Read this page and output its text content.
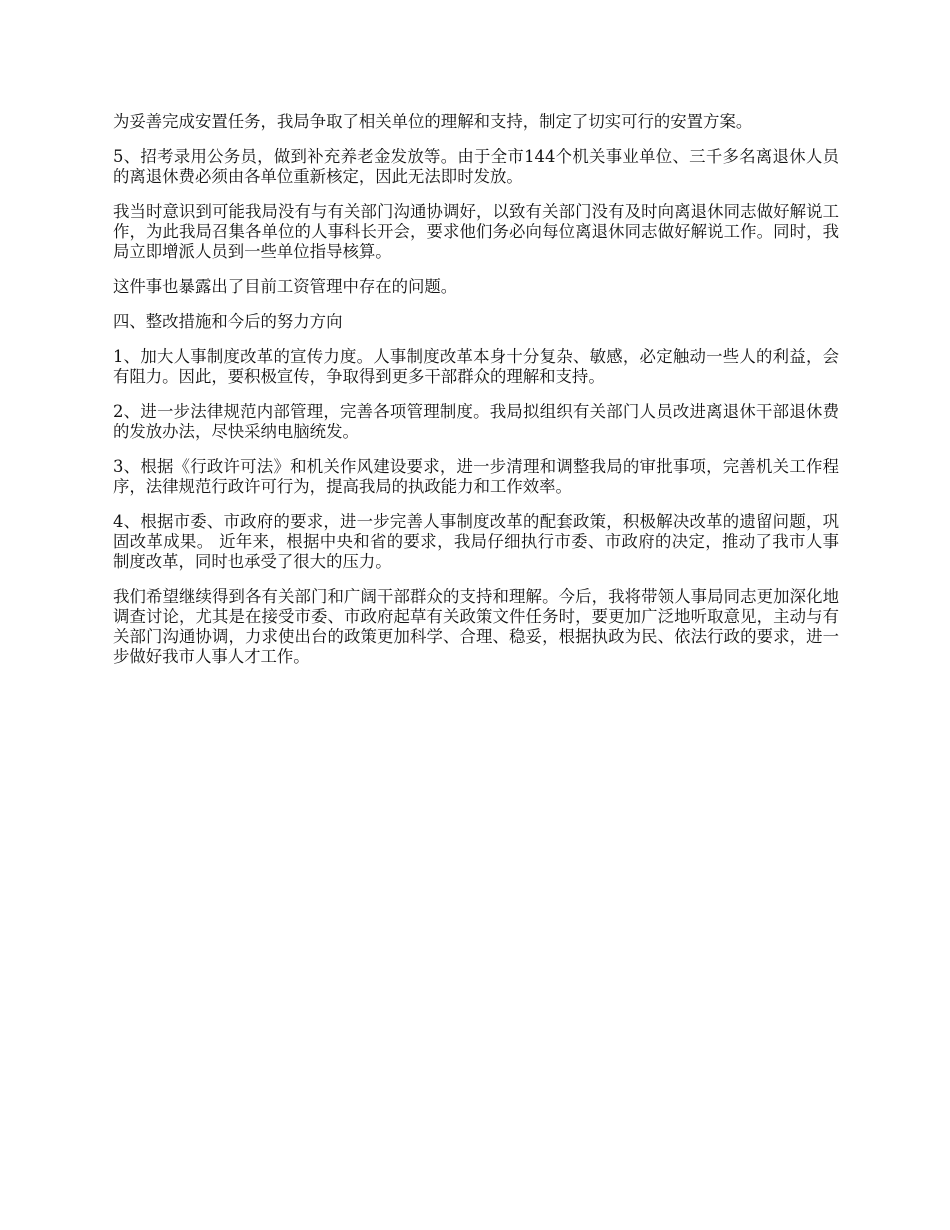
为妥善完成安置任务，我局争取了相关单位的理解和支持，制定了切实可行的安置方案。

5、招考录用公务员，做到补充养老金发放等。由于全市144个机关事业单位、三千多名离退休人员的离退休费必须由各单位重新核定，因此无法即时发放。

我当时意识到可能我局没有与有关部门沟通协调好，以致有关部门没有及时向离退休同志做好解说工作，为此我局召集各单位的人事科长开会，要求他们务必向每位离退休同志做好解说工作。同时，我局立即增派人员到一些单位指导核算。

这件事也暴露出了目前工资管理中存在的问题。

四、整改措施和今后的努力方向

1、加大人事制度改革的宣传力度。人事制度改革本身十分复杂、敏感，必定触动一些人的利益，会有阻力。因此，要积极宣传，争取得到更多干部群众的理解和支持。

2、进一步法律规范内部管理，完善各项管理制度。我局拟组织有关部门人员改进离退休干部退休费的发放办法，尽快采纳电脑统发。

3、根据《行政许可法》和机关作风建设要求，进一步清理和调整我局的审批事项，完善机关工作程序，法律规范行政许可行为，提高我局的执政能力和工作效率。

4、根据市委、市政府的要求，进一步完善人事制度改革的配套政策，积极解决改革的遗留问题，巩固改革成果。 近年来，根据中央和省的要求，我局仔细执行市委、市政府的决定，推动了我市人事制度改革，同时也承受了很大的压力。

我们希望继续得到各有关部门和广阔干部群众的支持和理解。今后，我将带领人事局同志更加深化地调查讨论，尤其是在接受市委、市政府起草有关政策文件任务时，要更加广泛地听取意见，主动与有关部门沟通协调，力求使出台的政策更加科学、合理、稳妥，根据执政为民、依法行政的要求，进一步做好我市人事人才工作。
